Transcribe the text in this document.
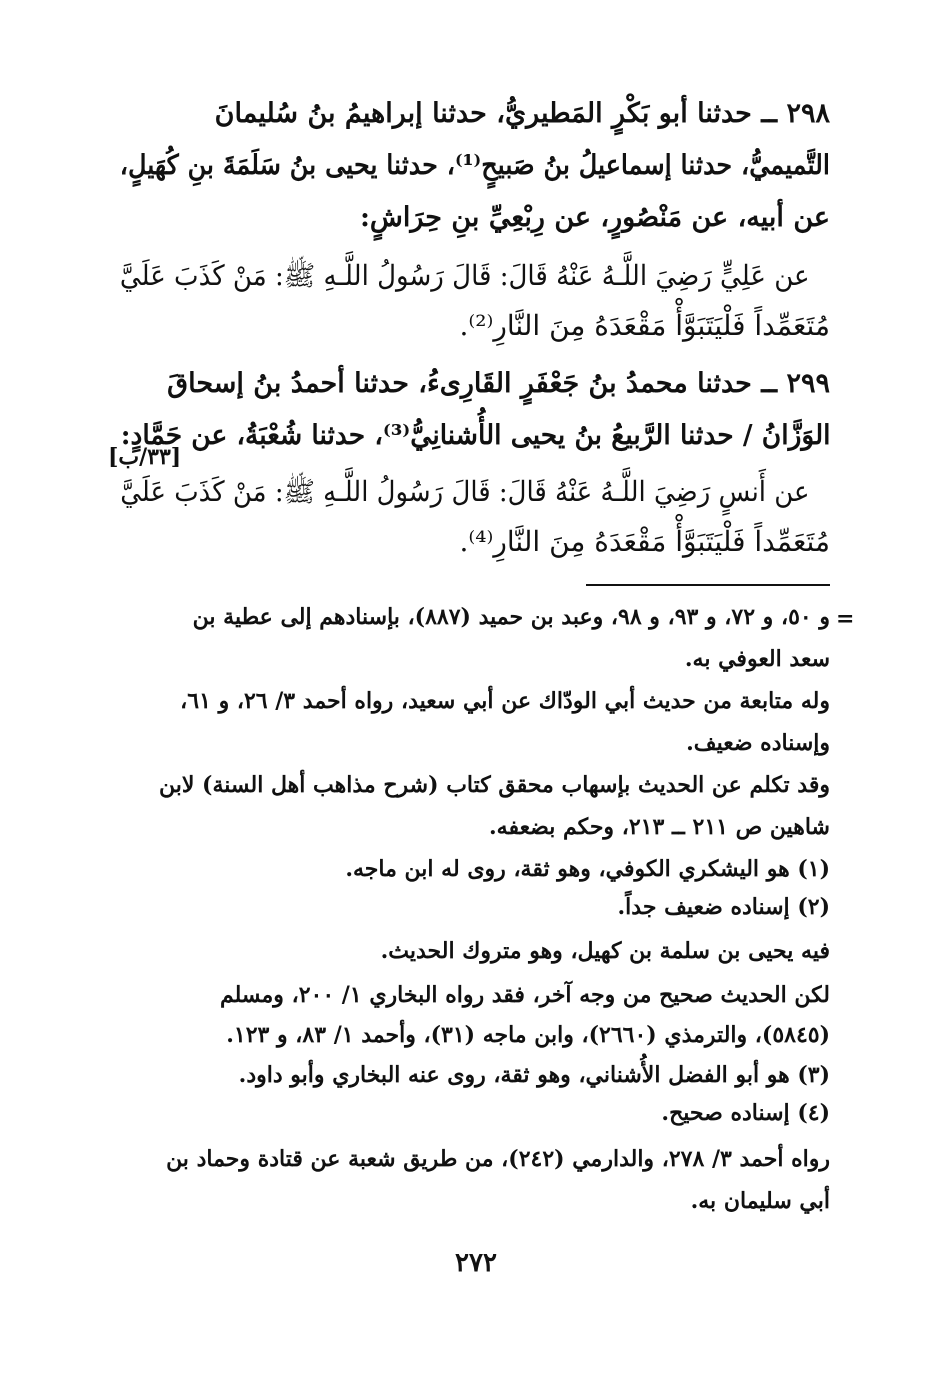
٢٩٨ ــ حدثنا أبو بَكْرٍ المَطيريُّ، حدثنا إبراهيمُ بنُ سُليمانَ
التَّميميُّ، حدثنا إسماعيلُ بنُ صَبيحٍ⁽¹⁾، حدثنا يحيى بنُ سَلَمَةَ بنِ كُهَيلٍ،
عن أبيه، عن مَنْصُورٍ، عن رِبْعِيِّ بنِ حِرَاشٍ:
عن عَلِيٍّ رَضِيَ اللَّـهُ عَنْهُ قَالَ: قَالَ رَسُولُ اللَّـهِ ﷺ: مَنْ كَذَبَ عَلَيَّ
مُتَعَمِّداً فَلْيَتَبَوَّأْ مَقْعَدَهُ مِنَ النَّارِ⁽²⁾.
٢٩٩ ــ حدثنا محمدُ بنُ جَعْفَرٍ القَارِىءُ، حدثنا أحمدُ بنُ إسحاقَ
الوَزَّانُ / حدثنا الرَّبيعُ بنُ يحيى الأُشنانِيُّ⁽³⁾، حدثنا شُعْبَةُ، عن حَمَّادٍ:
[٣٣/ب]
عن أَنسٍ رَضِيَ اللَّـهُ عَنْهُ قَالَ: قَالَ رَسُولُ اللَّـهِ ﷺ: مَنْ كَذَبَ عَلَيَّ
مُتَعَمِّداً فَلْيَتَبَوَّأْ مَقْعَدَهُ مِنَ النَّارِ⁽⁴⁾.
=
و ٥٠، و ٧٢، و ٩٣، و ٩٨، وعبد بن حميد (٨٨٧)، بإسنادهم إلى عطية بن
سعد العوفي به.
وله متابعة من حديث أبي الودّاك عن أبي سعيد، رواه أحمد ٣/ ٢٦، و ٦١،
وإسناده ضعيف.
وقد تكلم عن الحديث بإسهاب محقق كتاب (شرح مذاهب أهل السنة) لابن
شاهين ص ٢١١ ــ ٢١٣، وحكم بضعفه.
(١) هو اليشكري الكوفي، وهو ثقة، روى له ابن ماجه.
(٢) إسناده ضعيف جداً.
فيه يحيى بن سلمة بن كهيل، وهو متروك الحديث.
لكن الحديث صحيح من وجه آخر، فقد رواه البخاري ١/ ٢٠٠، ومسلم
(٥٨٤٥)، والترمذي (٢٦٦٠)، وابن ماجه (٣١)، وأحمد ١/ ٨٣، و ١٢٣.
(٣) هو أبو الفضل الأُشناني، وهو ثقة، روى عنه البخاري وأبو داود.
(٤) إسناده صحيح.
رواه أحمد ٣/ ٢٧٨، والدارمي (٢٤٢)، من طريق شعبة عن قتادة وحماد بن
أبي سليمان به.
٢٧٢
